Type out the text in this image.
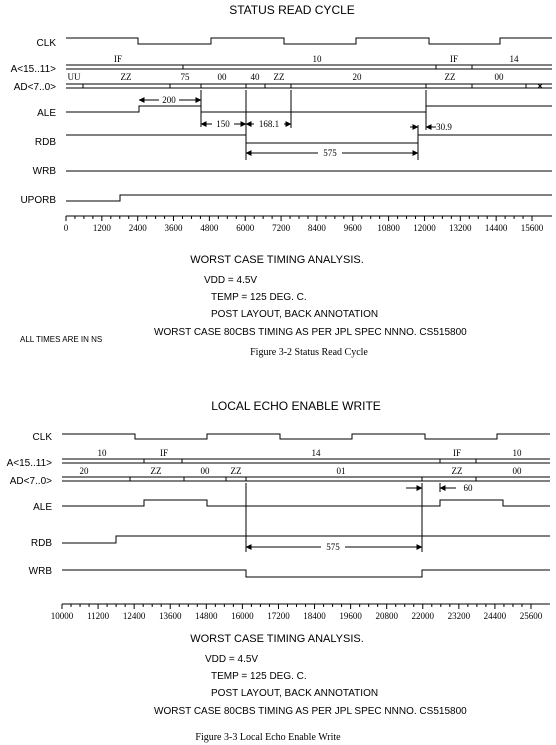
STATUS READ CYCLE
CLK
A<15..11>
AD<7..0>
ALE
RDB
WRB
UPORB
IF	10	IF	14
UU	ZZ	75	00	40 ZZ	20	ZZ	00
200
150	168.1
575
30.9
0	1200 2400 3600 4800 6000 7200 8400 9600 10800 12000 13200 14400 15600
WORST CASE TIMING ANALYSIS.
VDD = 4.5V
TEMP = 125 DEG. C.
POST LAYOUT, BACK ANNOTATION
WORST CASE 80CBS TIMING AS PER JPL SPEC NNNO. CS515800
ALL TIMES ARE IN NS
Figure 3-2 Status Read Cycle
LOCAL ECHO ENABLE WRITE
CLK
A<15..11>
AD<7..0>
ALE
RDB
WRB
10	IF	14	IF	10
20	ZZ	00 ZZ	01	ZZ	00
60
575
10000 11200 12400 13600 14800 16000 17200 18400 19600 20800 22000 23200 24400 25600
WORST CASE TIMING ANALYSIS.
VDD = 4.5V
TEMP = 125 DEG. C.
POST LAYOUT, BACK ANNOTATION
WORST CASE 80CBS TIMING AS PER JPL SPEC NNNO. CS515800
Figure 3-3 Local Echo Enable Write
